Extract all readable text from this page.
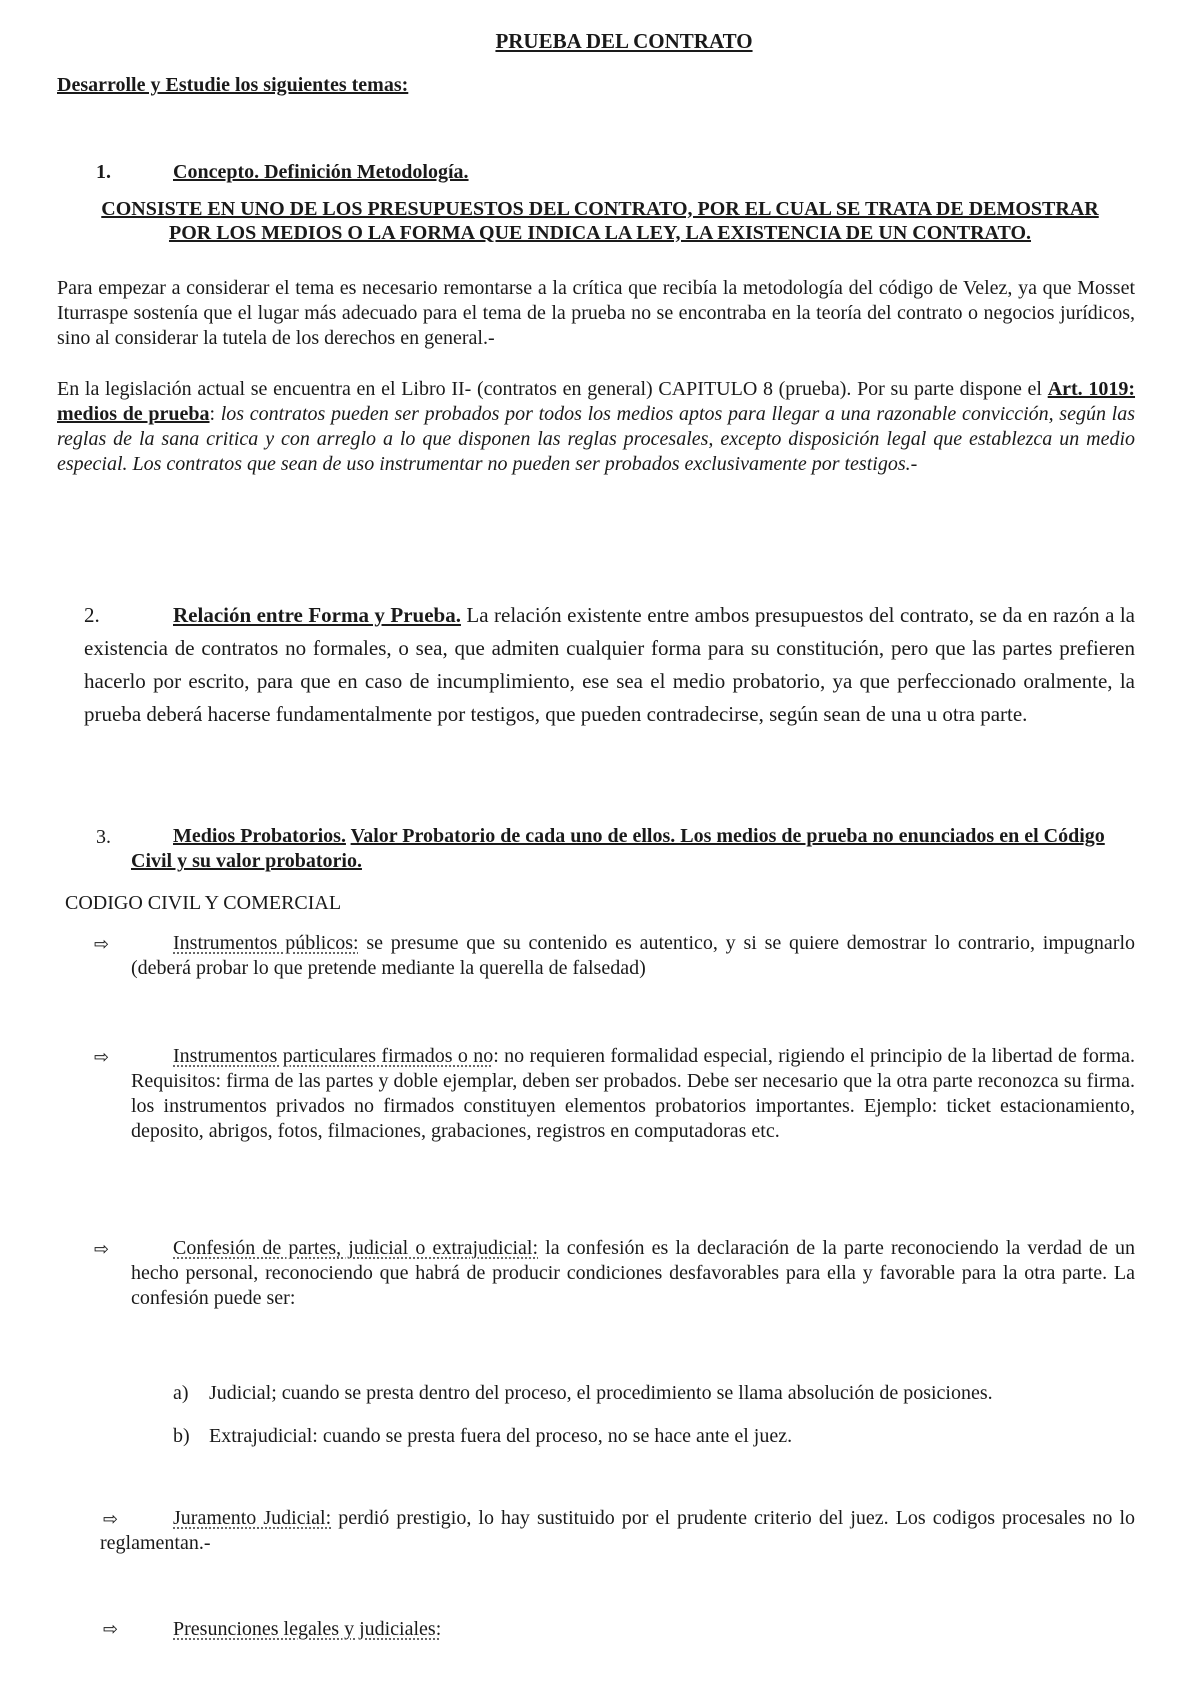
PRUEBA DEL CONTRATO
Desarrolle y Estudie los siguientes temas:
1.	Concepto. Definición Metodología.
CONSISTE EN UNO DE LOS PRESUPUESTOS DEL CONTRATO, POR EL CUAL SE TRATA DE DEMOSTRAR POR LOS MEDIOS O LA FORMA QUE INDICA LA LEY, LA EXISTENCIA DE UN CONTRATO.
Para empezar a considerar el tema es necesario remontarse a la crítica que recibía la metodología del código de Velez, ya que Mosset Iturraspe sostenía que el lugar más adecuado para el tema de la prueba no se encontraba en la teoría del contrato o negocios jurídicos, sino al considerar la tutela de los derechos en general.-
En la legislación actual se encuentra en el Libro II- (contratos en general) CAPITULO 8 (prueba). Por su parte dispone el Art. 1019: medios de prueba: los contratos pueden ser probados por todos los medios aptos para llegar a una razonable convicción, según las reglas de la sana critica y con arreglo a lo que disponen las reglas procesales, excepto disposición legal que establezca un medio especial. Los contratos que sean de uso instrumentar no pueden ser probados exclusivamente por testigos.-
2.	Relación entre Forma y Prueba. La relación existente entre ambos presupuestos del contrato, se da en razón a la existencia de contratos no formales, o sea, que admiten cualquier forma para su constitución, pero que las partes prefieren hacerlo por escrito, para que en caso de incumplimiento, ese sea el medio probatorio, ya que perfeccionado oralmente, la prueba deberá hacerse fundamentalmente por testigos, que pueden contradecirse, según sean de una u otra parte.
3.	Medios Probatorios. Valor Probatorio de cada uno de ellos. Los medios de prueba no enunciados en el Código Civil y su valor probatorio.
CODIGO CIVIL Y COMERCIAL
⇨	Instrumentos públicos: se presume que su contenido es autentico, y si se quiere demostrar lo contrario, impugnarlo (deberá probar lo que pretende mediante la querella de falsedad)
⇨	Instrumentos particulares firmados o no: no requieren formalidad especial, rigiendo el principio de la libertad de forma. Requisitos: firma de las partes y doble ejemplar, deben ser probados. Debe ser necesario que la otra parte reconozca su firma. los instrumentos privados no firmados constituyen elementos probatorios importantes. Ejemplo: ticket estacionamiento, deposito, abrigos, fotos, filmaciones, grabaciones, registros en computadoras etc.
⇨	Confesión de partes, judicial o extrajudicial: la confesión es la declaración de la parte reconociendo la verdad de un hecho personal, reconociendo que habrá de producir condiciones desfavorables para ella y favorable para la otra parte. La confesión puede ser:
a) Judicial; cuando se presta dentro del proceso, el procedimiento se llama absolución de posiciones.
b) Extrajudicial: cuando se presta fuera del proceso, no se hace ante el juez.
⇨	Juramento Judicial: perdió prestigio, lo hay sustituido por el prudente criterio del juez. Los codigos procesales no lo reglamentan.-
⇨	Presunciones legales y judiciales:
